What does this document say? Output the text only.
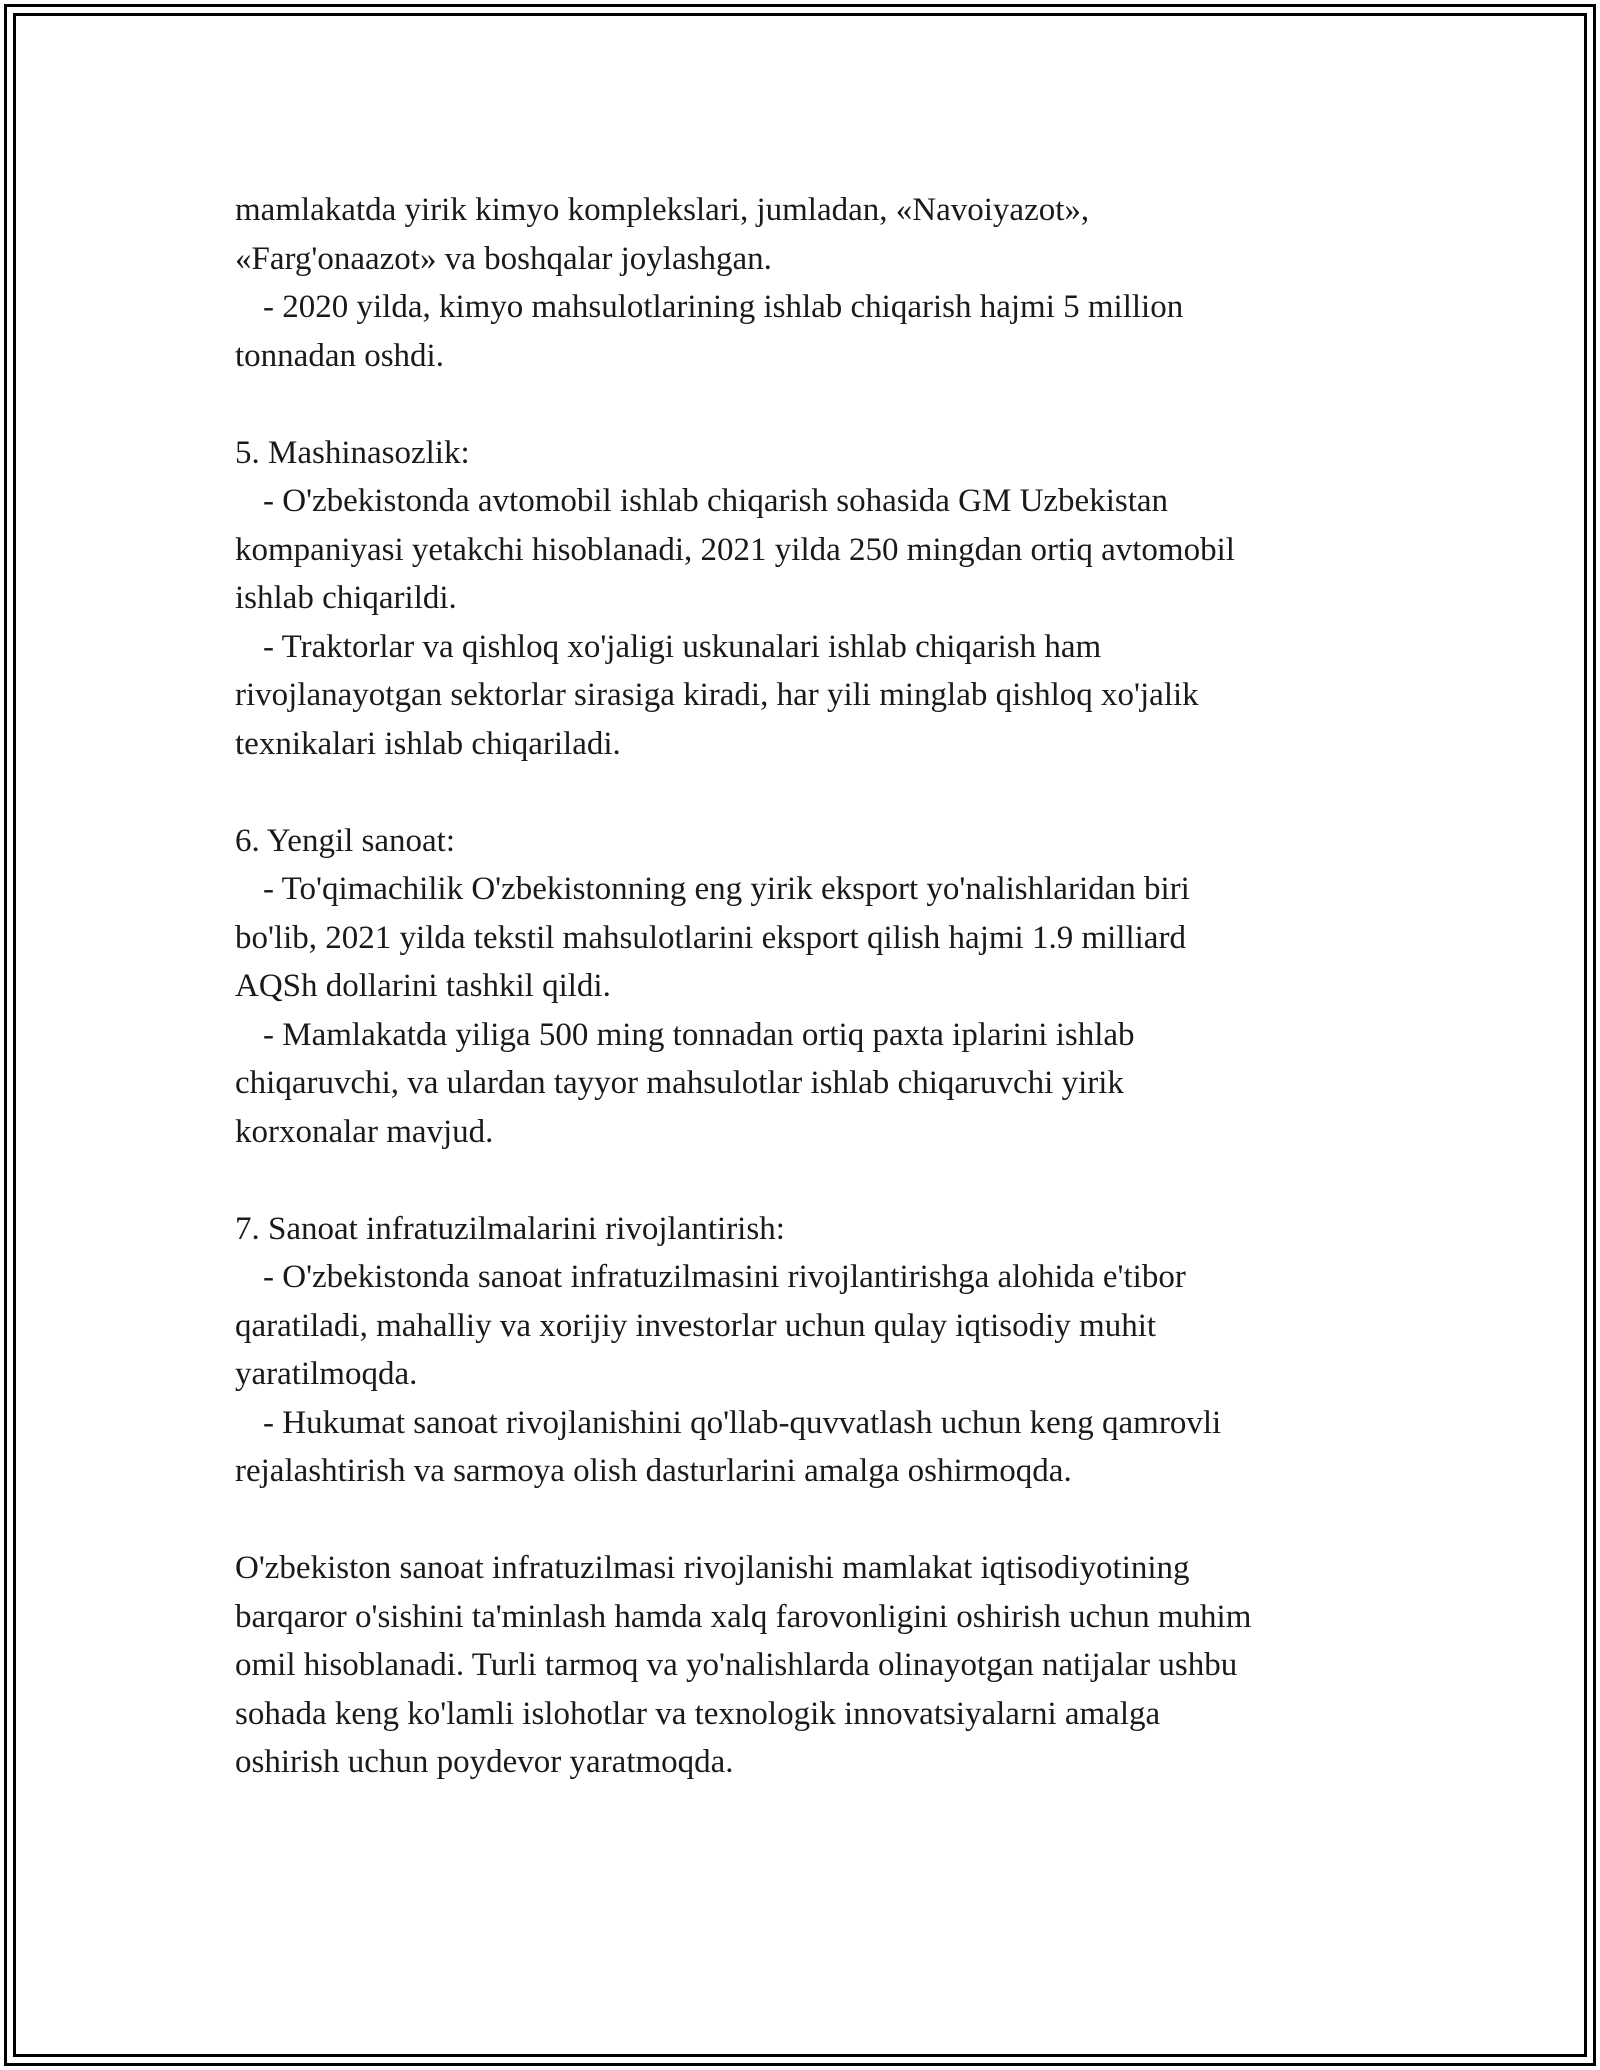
mamlakatda yirik kimyo komplekslari, jumladan, «Navoiyazot»,
«Farg'onaazot» va boshqalar joylashgan.
- 2020 yilda, kimyo mahsulotlarining ishlab chiqarish hajmi 5 million
tonnadan oshdi.
5. Mashinasozlik:
- O'zbekistonda avtomobil ishlab chiqarish sohasida GM Uzbekistan
kompaniyasi yetakchi hisoblanadi, 2021 yilda 250 mingdan ortiq avtomobil
ishlab chiqarildi.
- Traktorlar va qishloq xo'jaligi uskunalari ishlab chiqarish ham
rivojlanayotgan sektorlar sirasiga kiradi, har yili minglab qishloq xo'jalik
texnikalari ishlab chiqariladi.
6. Yengil sanoat:
- To'qimachilik O'zbekistonning eng yirik eksport yo'nalishlaridan biri
bo'lib, 2021 yilda tekstil mahsulotlarini eksport qilish hajmi 1.9 milliard
AQSh dollarini tashkil qildi.
- Mamlakatda yiliga 500 ming tonnadan ortiq paxta iplarini ishlab
chiqaruvchi, va ulardan tayyor mahsulotlar ishlab chiqaruvchi yirik
korxonalar mavjud.
7. Sanoat infratuzilmalarini rivojlantirish:
- O'zbekistonda sanoat infratuzilmasini rivojlantirishga alohida e'tibor
qaratiladi, mahalliy va xorijiy investorlar uchun qulay iqtisodiy muhit
yaratilmoqda.
- Hukumat sanoat rivojlanishini qo'llab-quvvatlash uchun keng qamrovli
rejalashtirish va sarmoya olish dasturlarini amalga oshirmoqda.
O'zbekiston sanoat infratuzilmasi rivojlanishi mamlakat iqtisodiyotining
barqaror o'sishini ta'minlash hamda xalq farovonligini oshirish uchun muhim
omil hisoblanadi. Turli tarmoq va yo'nalishlarda olinayotgan natijalar ushbu
sohada keng ko'lamli islohotlar va texnologik innovatsiyalarni amalga
oshirish uchun poydevor yaratmoqda.
